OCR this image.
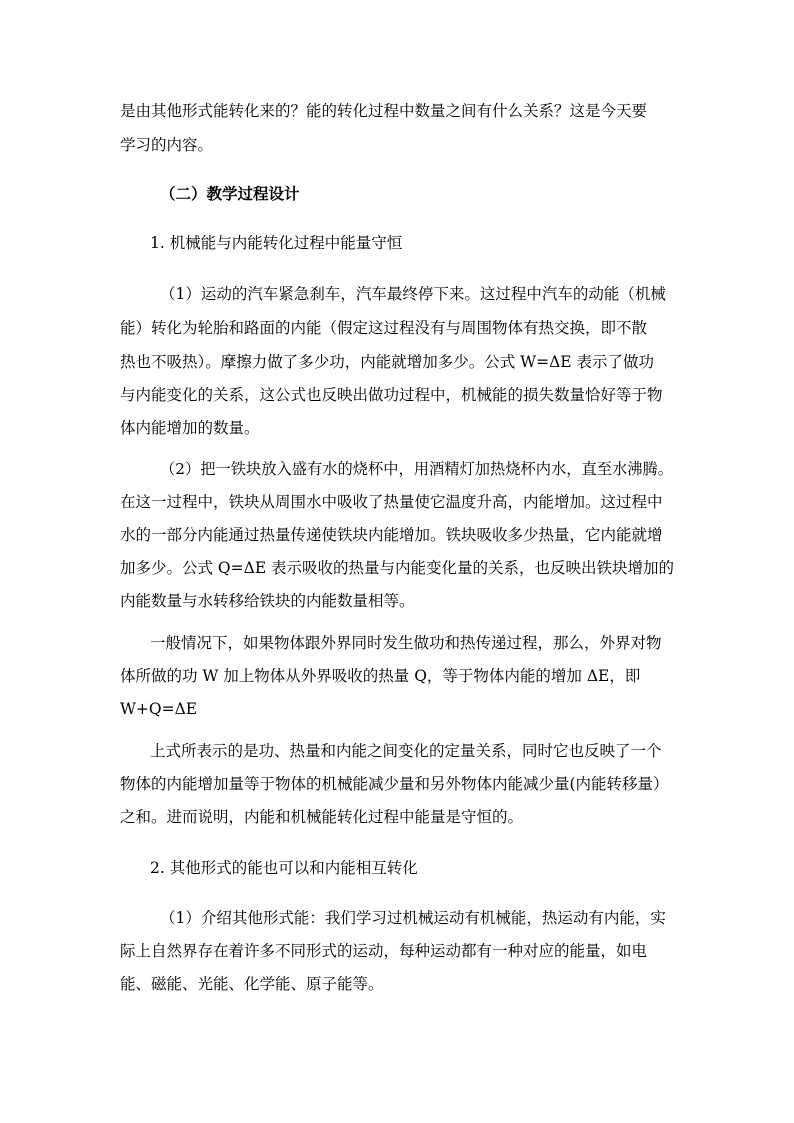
是由其他形式能转化来的？能的转化过程中数量之间有什么关系？这是今天要
学习的内容。
（二）教学过程设计
1. 机械能与内能转化过程中能量守恒
（1）运动的汽车紧急刹车，汽车最终停下来。这过程中汽车的动能（机械
能）转化为轮胎和路面的内能（假定这过程没有与周围物体有热交换，即不散
热也不吸热）。摩擦力做了多少功，内能就增加多少。公式 W=ΔE 表示了做功
与内能变化的关系，这公式也反映出做功过程中，机械能的损失数量恰好等于物
体内能增加的数量。
（2）把一铁块放入盛有水的烧杯中，用酒精灯加热烧杯内水，直至水沸腾。
在这一过程中，铁块从周围水中吸收了热量使它温度升高，内能增加。这过程中
水的一部分内能通过热量传递使铁块内能增加。铁块吸收多少热量，它内能就增
加多少。公式 Q=ΔE 表示吸收的热量与内能变化量的关系，也反映出铁块增加的
内能数量与水转移给铁块的内能数量相等。
一般情况下，如果物体跟外界同时发生做功和热传递过程，那么，外界对物
体所做的功 W 加上物体从外界吸收的热量 Q，等于物体内能的增加 ΔE，即
W+Q=ΔE
上式所表示的是功、热量和内能之间变化的定量关系，同时它也反映了一个
物体的内能增加量等于物体的机械能减少量和另外物体内能减少量(内能转移量）
之和。进而说明，内能和机械能转化过程中能量是守恒的。
2. 其他形式的能也可以和内能相互转化
（1）介绍其他形式能：我们学习过机械运动有机械能，热运动有内能，实
际上自然界存在着许多不同形式的运动，每种运动都有一种对应的能量，如电
能、磁能、光能、化学能、原子能等。
